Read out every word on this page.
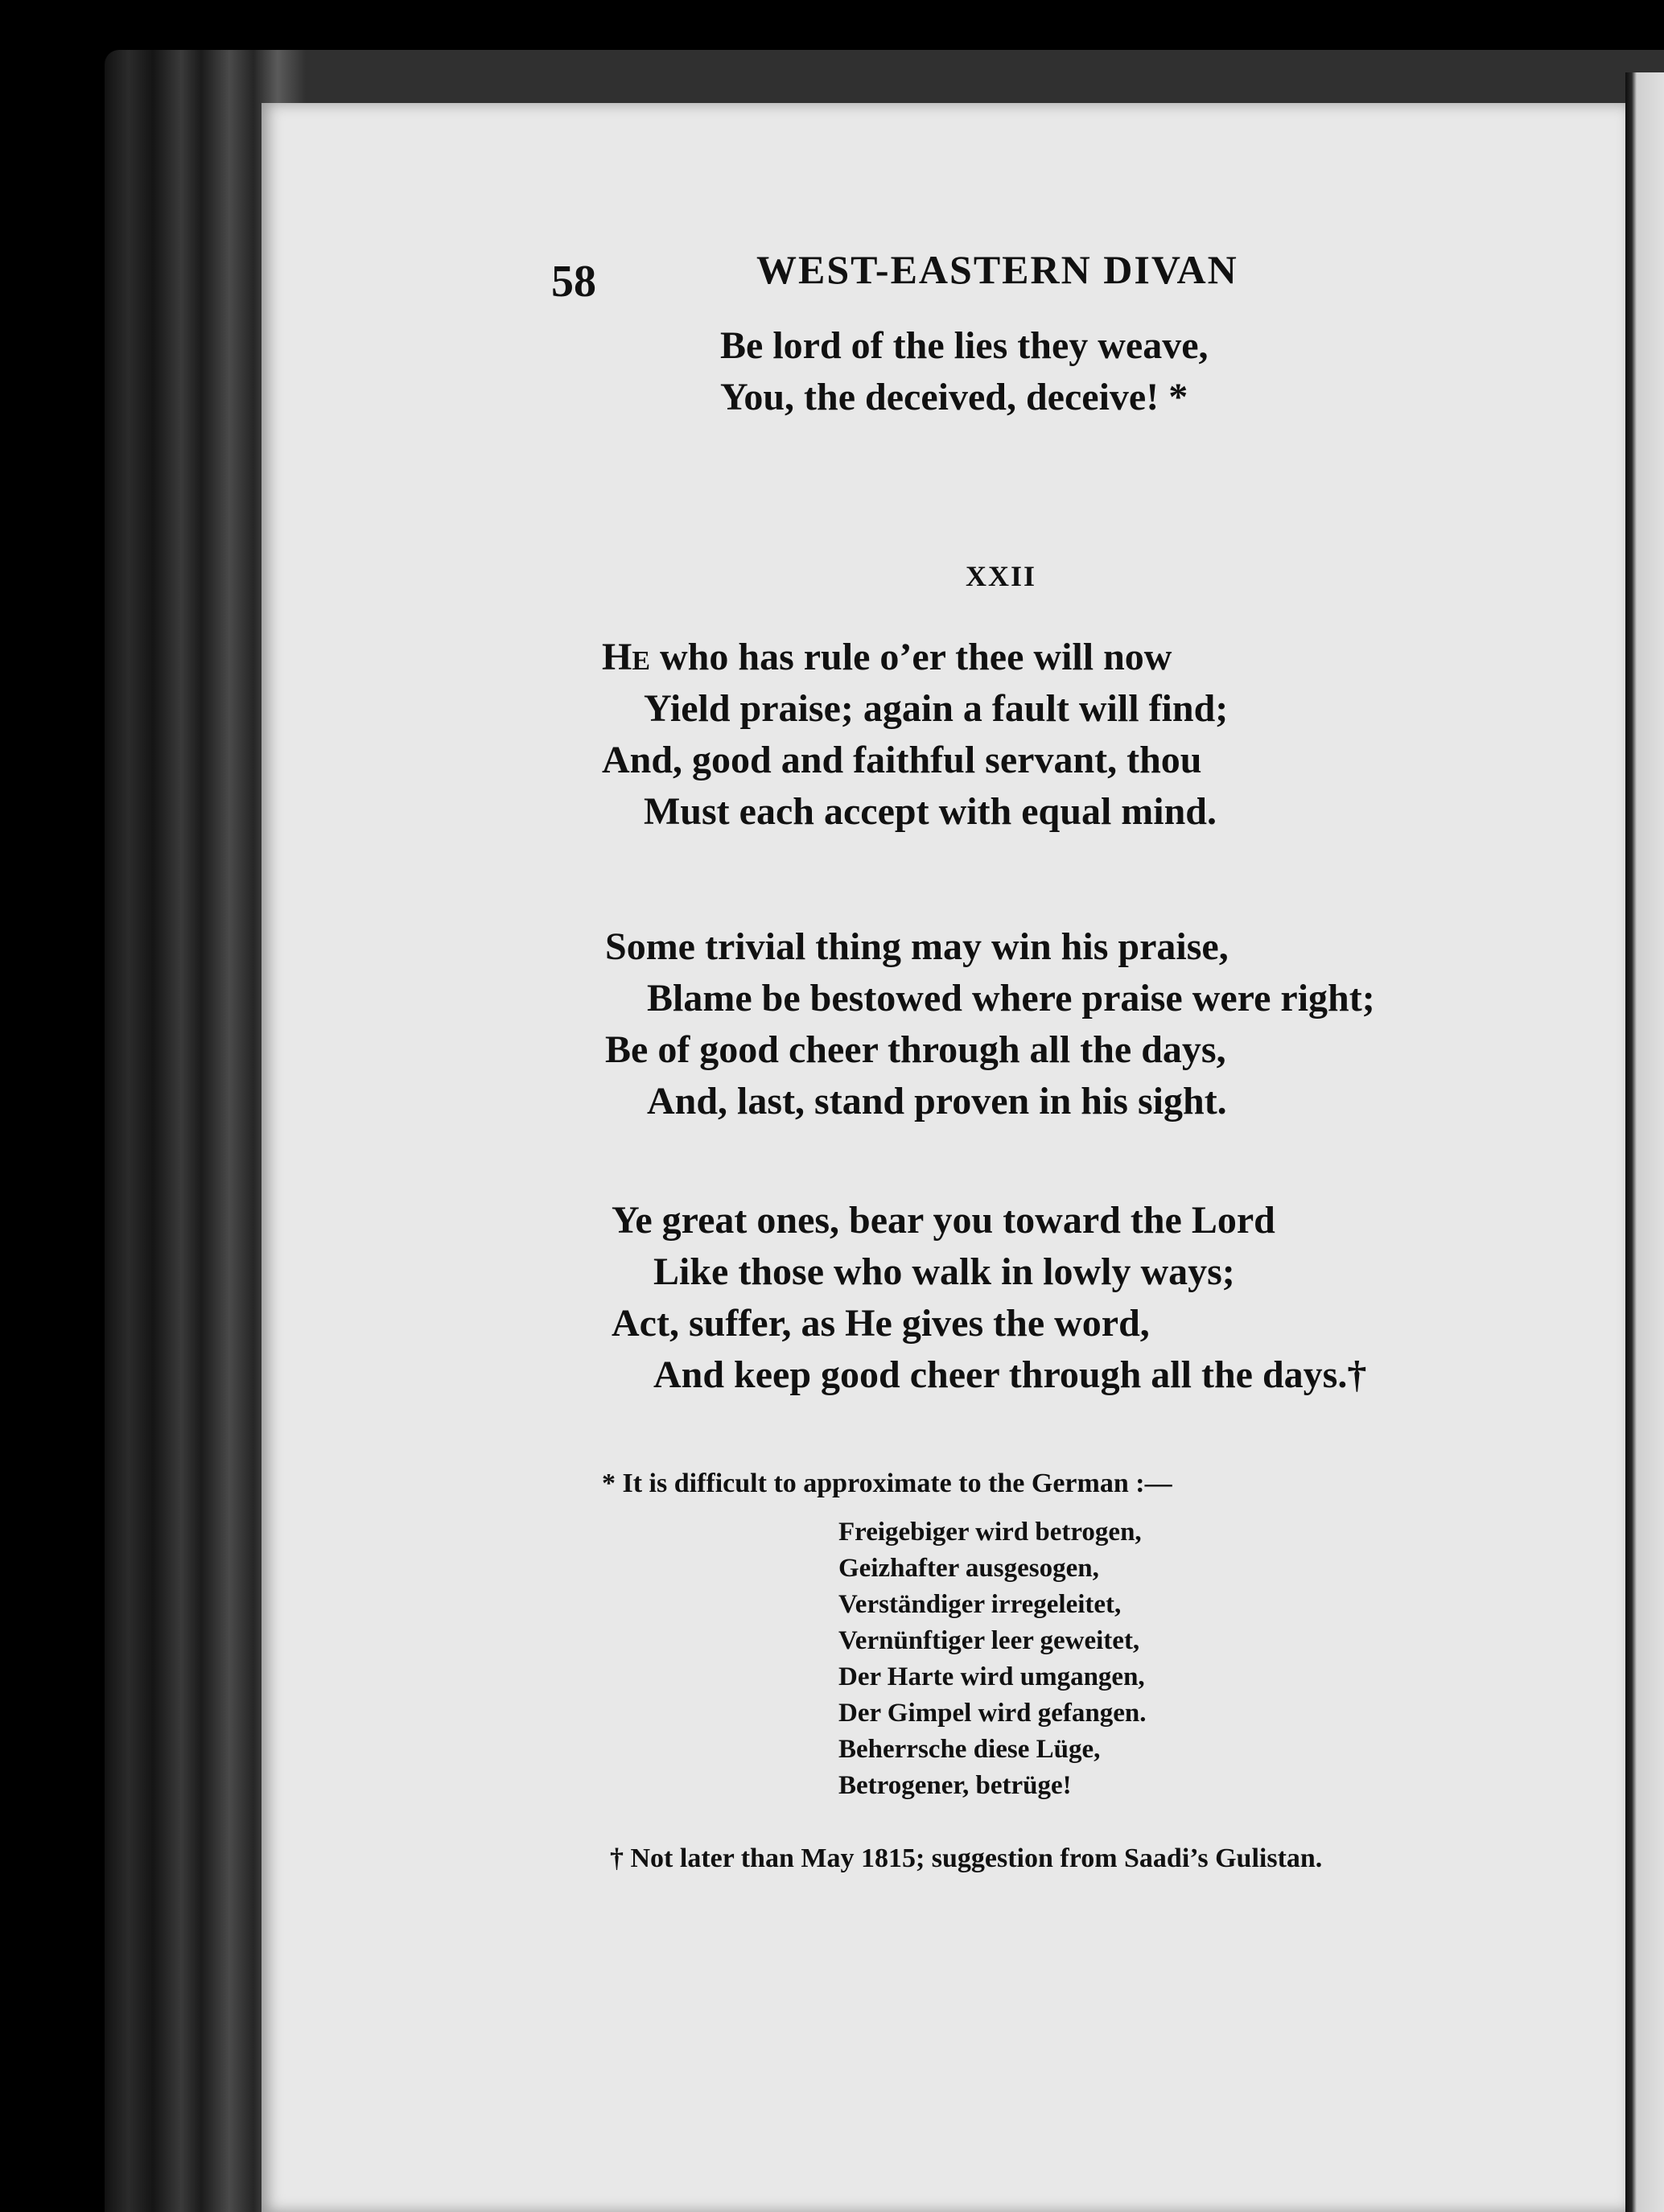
58	WEST-EASTERN DIVAN
Be lord of the lies they weave,
You, the deceived, deceive! *
XXII
He who has rule o’er thee will now
Yield praise; again a fault will find;
And, good and faithful servant, thou
Must each accept with equal mind.
Some trivial thing may win his praise,
Blame be bestowed where praise were right;
Be of good cheer through all the days,
And, last, stand proven in his sight.
Ye great ones, bear you toward the Lord
Like those who walk in lowly ways;
Act, suffer, as He gives the word,
And keep good cheer through all the days.†
* It is difficult to approximate to the German :—
Freigebiger wird betrogen,
Geizhafter ausgesogen,
Verständiger irregeleitet,
Vernünftiger leer geweitet,
Der Harte wird umgangen,
Der Gimpel wird gefangen.
Beherrsche diese Lüge,
Betrogener, betrüge!
† Not later than May 1815; suggestion from Saadi’s Gulistan.
